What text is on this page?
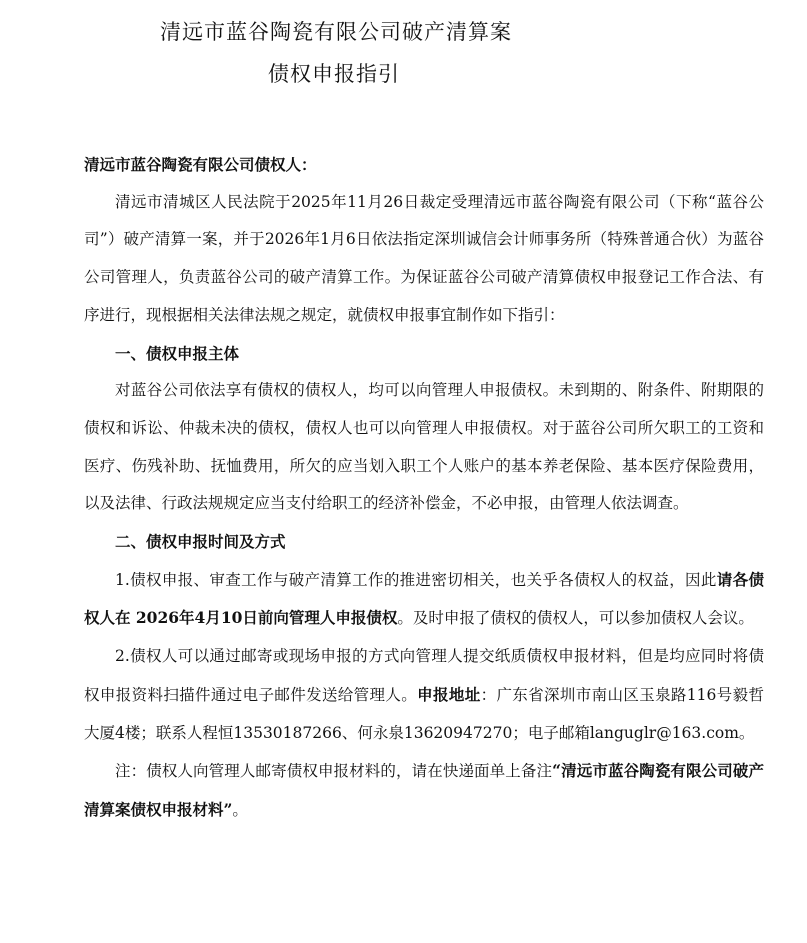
清远市蓝谷陶瓷有限公司破产清算案
债权申报指引

清远市蓝谷陶瓷有限公司债权人：

清远市清城区人民法院于2025年11月26日裁定受理清远市蓝谷陶瓷有限公司（下称“蓝谷公司”）破产清算一案，并于2026年1月6日依法指定深圳诚信会计师事务所（特殊普通合伙）为蓝谷公司管理人，负责蓝谷公司的破产清算工作。为保证蓝谷公司破产清算债权申报登记工作合法、有序进行，现根据相关法律法规之规定，就债权申报事宜制作如下指引：

一、债权申报主体

对蓝谷公司依法享有债权的债权人，均可以向管理人申报债权。未到期的、附条件、附期限的债权和诉讼、仲裁未决的债权，债权人也可以向管理人申报债权。对于蓝谷公司所欠职工的工资和医疗、伤残补助、抚恤费用，所欠的应当划入职工个人账户的基本养老保险、基本医疗保险费用，以及法律、行政法规规定应当支付给职工的经济补偿金，不必申报，由管理人依法调查。

二、债权申报时间及方式

1.债权申报、审查工作与破产清算工作的推进密切相关，也关乎各债权人的权益，因此请各债权人在 2026年4月10日前向管理人申报债权。及时申报了债权的债权人，可以参加债权人会议。

2.债权人可以通过邮寄或现场申报的方式向管理人提交纸质债权申报材料，但是均应同时将债权申报资料扫描件通过电子邮件发送给管理人。申报地址：广东省深圳市南山区玉泉路116号毅哲大厦4楼；联系人程恒13530187266、何永泉13620947270；电子邮箱languglr@163.com。

注：债权人向管理人邮寄债权申报材料的，请在快递面单上备注“清远市蓝谷陶瓷有限公司破产清算案债权申报材料”。
